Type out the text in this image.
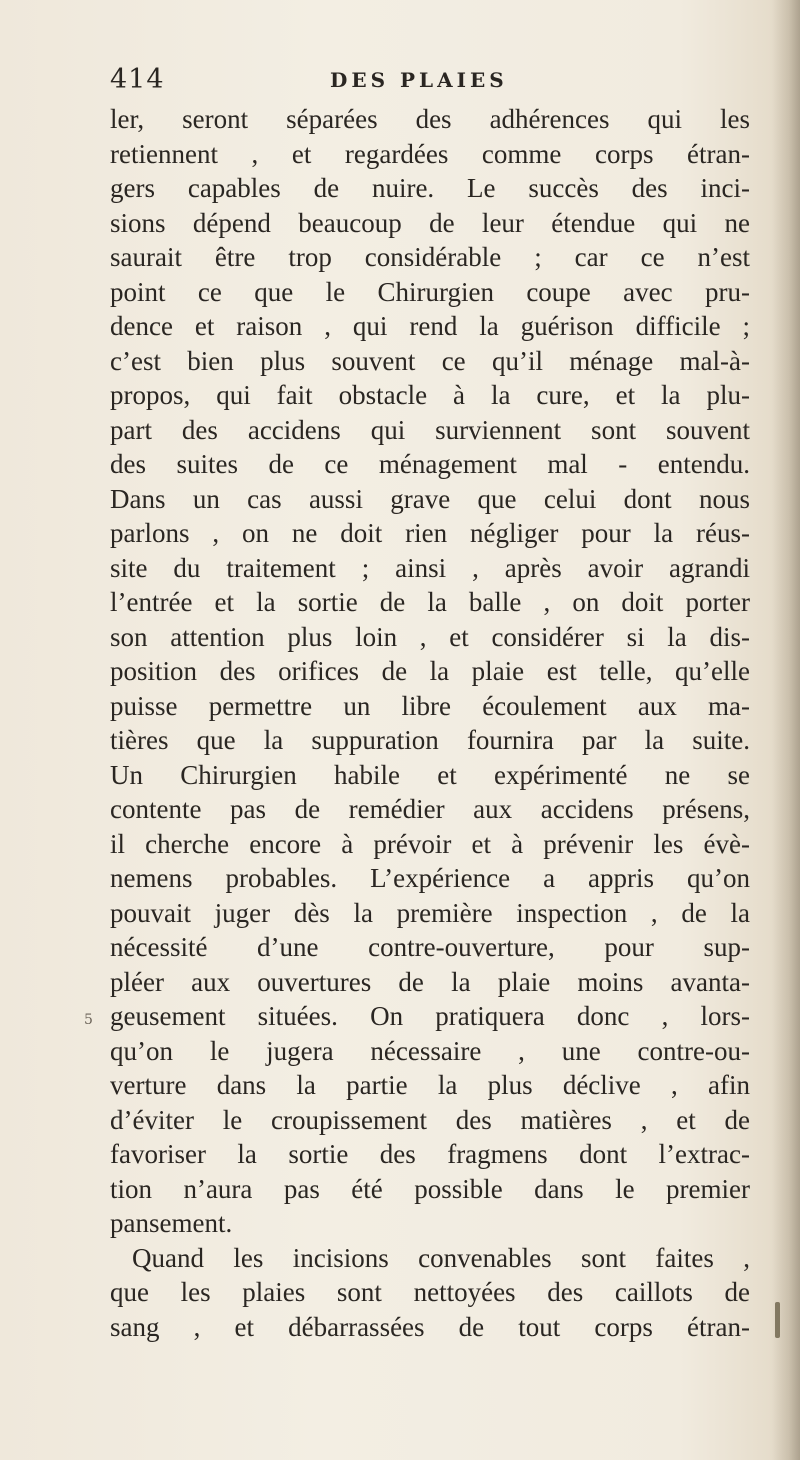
414	DES PLAIES
5
ler, seront séparées des adhérences qui les
retiennent , et regardées comme corps étran-
gers capables de nuire. Le succès des inci-
sions dépend beaucoup de leur étendue qui ne
saurait être trop considérable ; car ce n’est
point ce que le Chirurgien coupe avec pru-
dence et raison , qui rend la guérison difficile ;
c’est bien plus souvent ce qu’il ménage mal-à-
propos, qui fait obstacle à la cure, et la plu-
part des accidens qui surviennent sont souvent
des suites de ce ménagement mal - entendu.
Dans un cas aussi grave que celui dont nous
parlons , on ne doit rien négliger pour la réus-
site du traitement ; ainsi , après avoir agrandi
l’entrée et la sortie de la balle , on doit porter
son attention plus loin , et considérer si la dis-
position des orifices de la plaie est telle, qu’elle
puisse permettre un libre écoulement aux ma-
tières que la suppuration fournira par la suite.
Un Chirurgien habile et expérimenté ne se
contente pas de remédier aux accidens présens,
il cherche encore à prévoir et à prévenir les évè-
nemens probables. L’expérience a appris qu’on
pouvait juger dès la première inspection , de la
nécessité d’une contre-ouverture, pour sup-
pléer aux ouvertures de la plaie moins avanta-
geusement situées. On pratiquera donc , lors-
qu’on le jugera nécessaire , une contre-ou-
verture dans la partie la plus déclive , afin
d’éviter le croupissement des matières , et de
favoriser la sortie des fragmens dont l’extrac-
tion n’aura pas été possible dans le premier
pansement.
Quand les incisions convenables sont faites ,
que les plaies sont nettoyées des caillots de
sang , et débarrassées de tout corps étran-
